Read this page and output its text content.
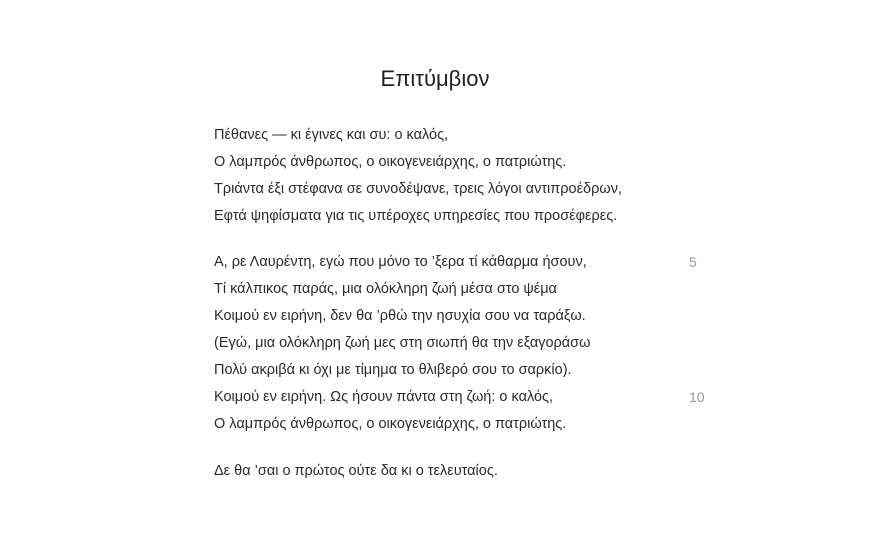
Επιτύμβιον
Πέθανες — κι έγινες και συ: ο καλός,
Ο λαμπρός άνθρωπος, ο οικογενειάρχης, ο πατριώτης.
Τριάντα έξι στέφανα σε συνοδέψανε, τρεις λόγοι αντιπροέδρων,
Εφτά ψηφίσματα για τις υπέροχες υπηρεσίες που προσέφερες.
Α, ρε Λαυρέντη, εγώ που μόνο το ’ξερα τί κάθαρμα ήσουν,	5
Τί κάλπικος παράς, μια ολόκληρη ζωή μέσα στο ψέμα
Κοιμού εν ειρήνη, δεν θα ’ρθώ την ησυχία σου να ταράξω.
(Εγώ, μια ολόκληρη ζωή μες στη σιωπή θα την εξαγοράσω
Πολύ ακριβά κι όχι με τίμημα το θλιβερό σου το σαρκίο).
Κοιμού εν ειρήνη. Ως ήσουν πάντα στη ζωή: ο καλός,	10
Ο λαμπρός άνθρωπος, ο οικογενειάρχης, ο πατριώτης.
Δε θα ’σαι ο πρώτος ούτε δα κι ο τελευταίος.
